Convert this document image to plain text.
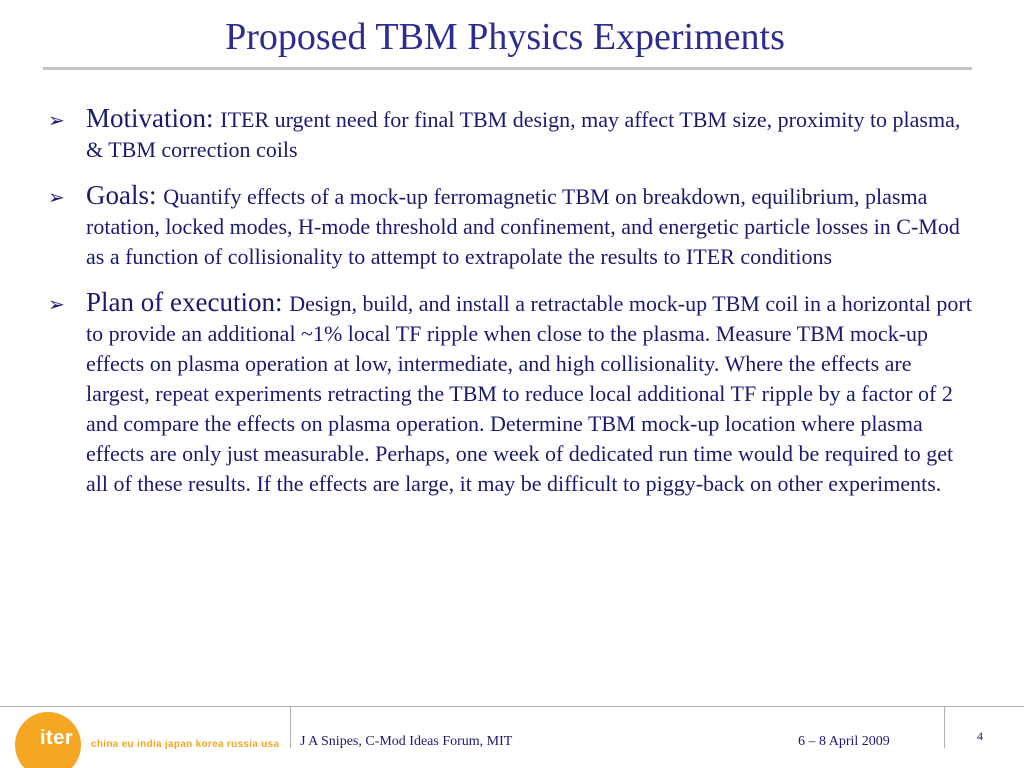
Proposed TBM Physics Experiments
➢ Motivation: ITER urgent need for final TBM design, may affect TBM size, proximity to plasma, & TBM correction coils
➢ Goals: Quantify effects of a mock-up ferromagnetic TBM on breakdown, equilibrium, plasma rotation, locked modes, H-mode threshold and confinement, and energetic particle losses in C-Mod as a function of collisionality to attempt to extrapolate the results to ITER conditions
➢ Plan of execution: Design, build, and install a retractable mock-up TBM coil in a horizontal port to provide an additional ~1% local TF ripple when close to the plasma. Measure TBM mock-up effects on plasma operation at low, intermediate, and high collisionality. Where the effects are largest, repeat experiments retracting the TBM to reduce local additional TF ripple by a factor of 2 and compare the effects on plasma operation. Determine TBM mock-up location where plasma effects are only just measurable. Perhaps, one week of dedicated run time would be required to get all of these results. If the effects are large, it may be difficult to piggy-back on other experiments.
iter china eu india japan korea russia usa J A Snipes, C-Mod Ideas Forum, MIT	6 – 8 April 2009	4
